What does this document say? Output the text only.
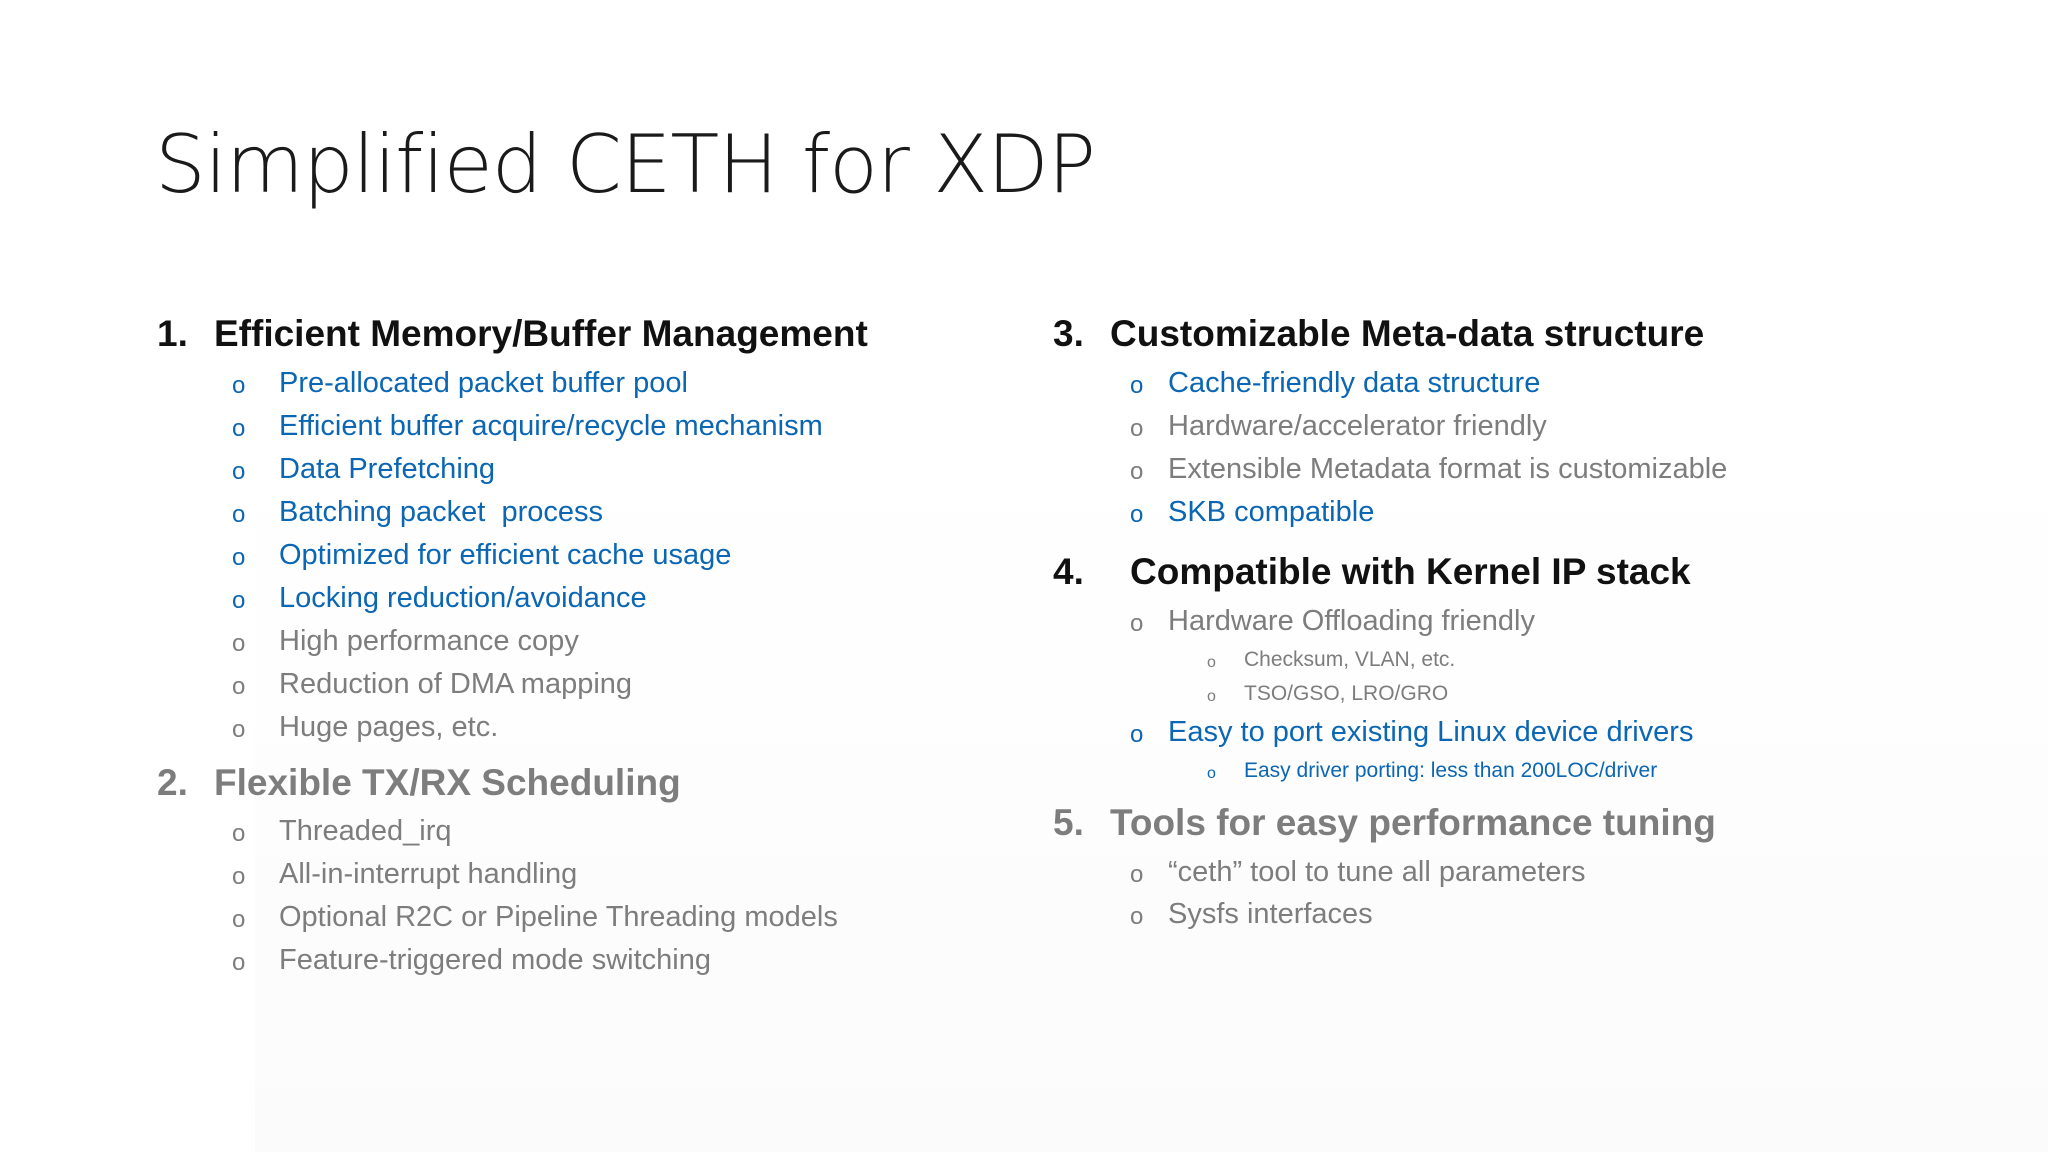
Simplified CETH for XDP
1. Efficient Memory/Buffer Management
o Pre-allocated packet buffer pool
o Efficient buffer acquire/recycle mechanism
o Data Prefetching
o Batching packet  process
o Optimized for efficient cache usage
o Locking reduction/avoidance
o High performance copy
o Reduction of DMA mapping
o Huge pages, etc.
2. Flexible TX/RX Scheduling
o Threaded_irq
o All-in-interrupt handling
o Optional R2C or Pipeline Threading models
o Feature-triggered mode switching
3. Customizable Meta-data structure
o Cache-friendly data structure
o Hardware/accelerator friendly
o Extensible Metadata format is customizable
o SKB compatible
4. Compatible with Kernel IP stack
o Hardware Offloading friendly
o Checksum, VLAN, etc.
o TSO/GSO, LRO/GRO
o Easy to port existing Linux device drivers
o Easy driver porting: less than 200LOC/driver
5. Tools for easy performance tuning
o “ceth” tool to tune all parameters
o Sysfs interfaces
